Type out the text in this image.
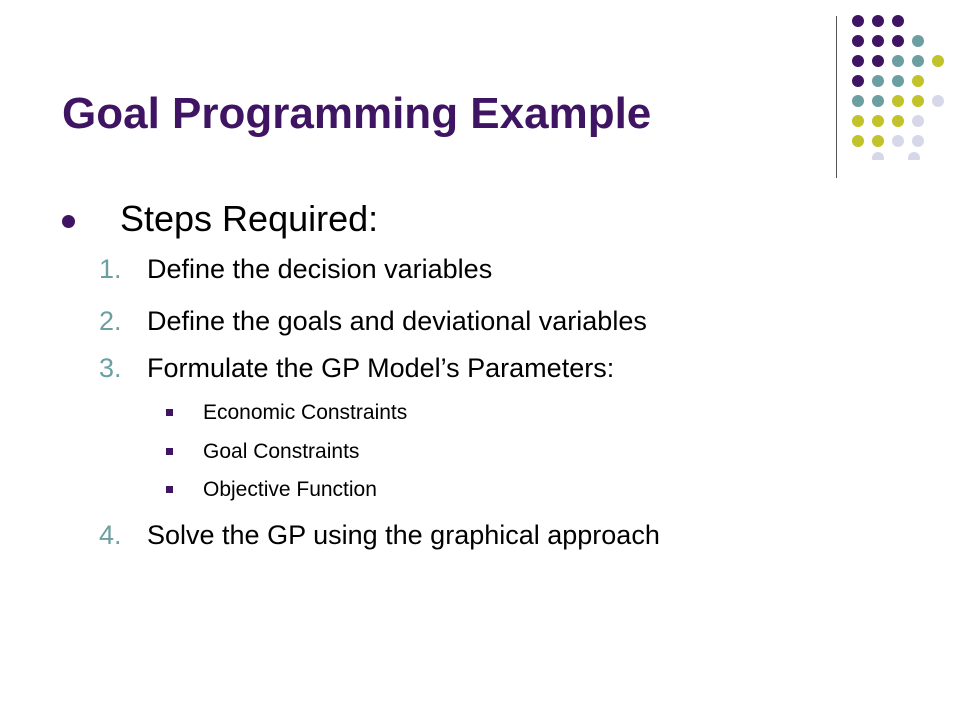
Goal Programming Example
Steps Required:
1. Define the decision variables
2. Define the goals and deviational variables
3. Formulate the GP Model’s Parameters:
Economic Constraints
Goal Constraints
Objective Function
4. Solve the GP using the graphical approach
